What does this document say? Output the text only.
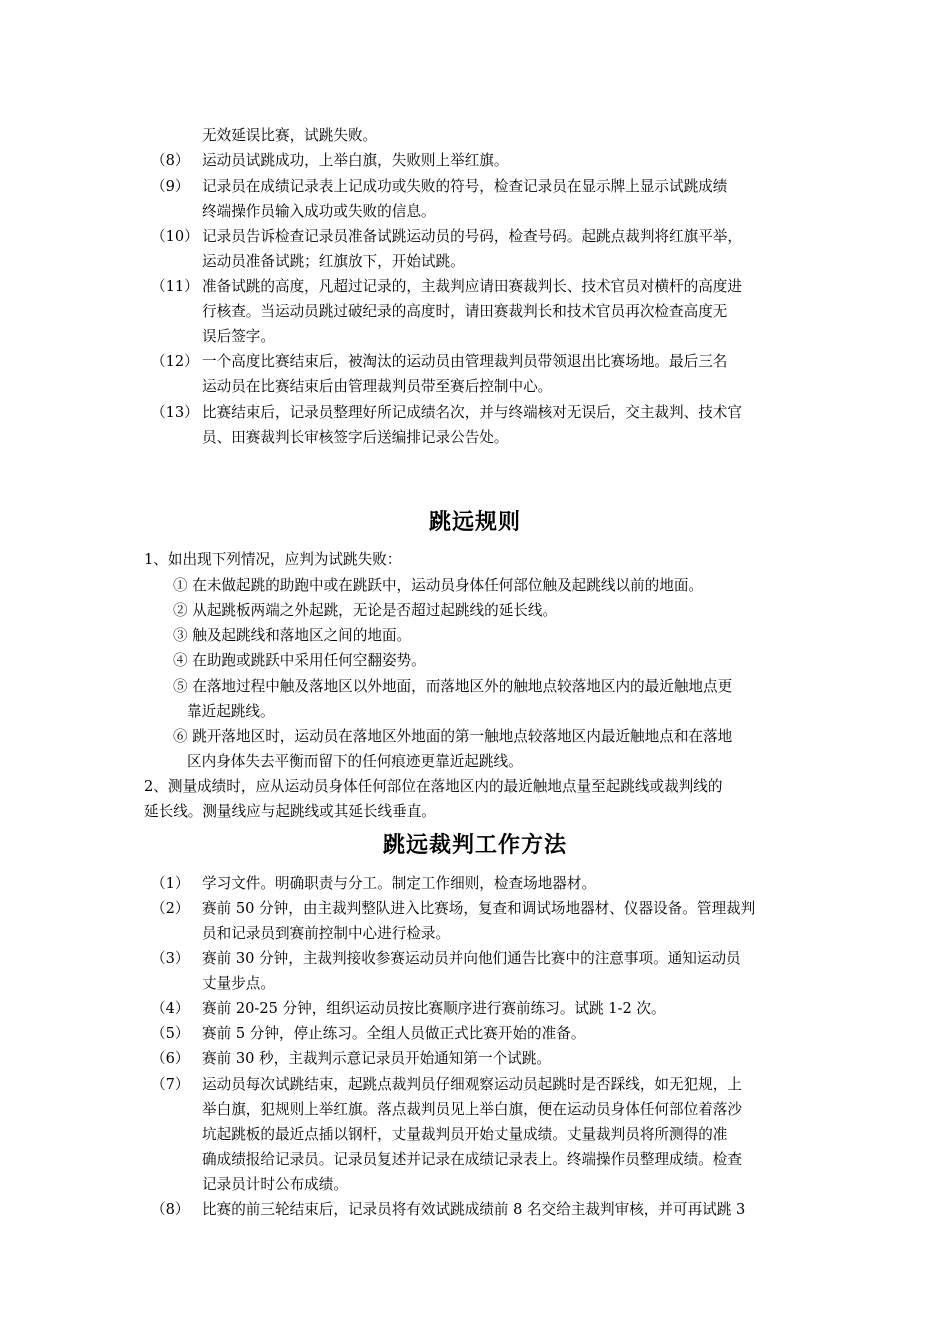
无效延误比赛，试跳失败。
（8） 运动员试跳成功，上举白旗，失败则上举红旗。
（9） 记录员在成绩记录表上记成功或失败的符号，检查记录员在显示牌上显示试跳成绩
终端操作员输入成功或失败的信息。
（10） 记录员告诉检查记录员准备试跳运动员的号码，检查号码。起跳点裁判将红旗平举，
运动员准备试跳；红旗放下，开始试跳。
（11） 准备试跳的高度，凡超过记录的，主裁判应请田赛裁判长、技术官员对横杆的高度进
行核查。当运动员跳过破纪录的高度时，请田赛裁判长和技术官员再次检查高度无
误后签字。
（12） 一个高度比赛结束后，被淘汰的运动员由管理裁判员带领退出比赛场地。最后三名
运动员在比赛结束后由管理裁判员带至赛后控制中心。
（13） 比赛结束后，记录员整理好所记成绩名次，并与终端核对无误后，交主裁判、技术官
员、田赛裁判长审核签字后送编排记录公告处。
跳远规则
1、如出现下列情况，应判为试跳失败：
① 在未做起跳的助跑中或在跳跃中，运动员身体任何部位触及起跳线以前的地面。
② 从起跳板两端之外起跳，无论是否超过起跳线的延长线。
③ 触及起跳线和落地区之间的地面。
④ 在助跑或跳跃中采用任何空翻姿势。
⑤ 在落地过程中触及落地区以外地面，而落地区外的触地点较落地区内的最近触地点更
靠近起跳线。
⑥ 跳开落地区时，运动员在落地区外地面的第一触地点较落地区内最近触地点和在落地
区内身体失去平衡而留下的任何痕迹更靠近起跳线。
2、测量成绩时，应从运动员身体任何部位在落地区内的最近触地点量至起跳线或裁判线的
延长线。测量线应与起跳线或其延长线垂直。
跳远裁判工作方法
（1） 学习文件。明确职责与分工。制定工作细则，检查场地器材。
（2） 赛前 50 分钟，由主裁判整队进入比赛场，复查和调试场地器材、仪器设备。管理裁判
员和记录员到赛前控制中心进行检录。
（3） 赛前 30 分钟，主裁判接收参赛运动员并向他们通告比赛中的注意事项。通知运动员
丈量步点。
（4） 赛前 20-25 分钟，组织运动员按比赛顺序进行赛前练习。试跳 1-2 次。
（5） 赛前 5 分钟，停止练习。全组人员做正式比赛开始的准备。
（6） 赛前 30 秒，主裁判示意记录员开始通知第一个试跳。
（7） 运动员每次试跳结束，起跳点裁判员仔细观察运动员起跳时是否踩线，如无犯规，上
举白旗，犯规则上举红旗。落点裁判员见上举白旗，便在运动员身体任何部位着落沙
坑起跳板的最近点插以钢杆，丈量裁判员开始丈量成绩。丈量裁判员将所测得的准
确成绩报给记录员。记录员复述并记录在成绩记录表上。终端操作员整理成绩。检查
记录员计时公布成绩。
（8） 比赛的前三轮结束后，记录员将有效试跳成绩前 8 名交给主裁判审核，并可再试跳 3
